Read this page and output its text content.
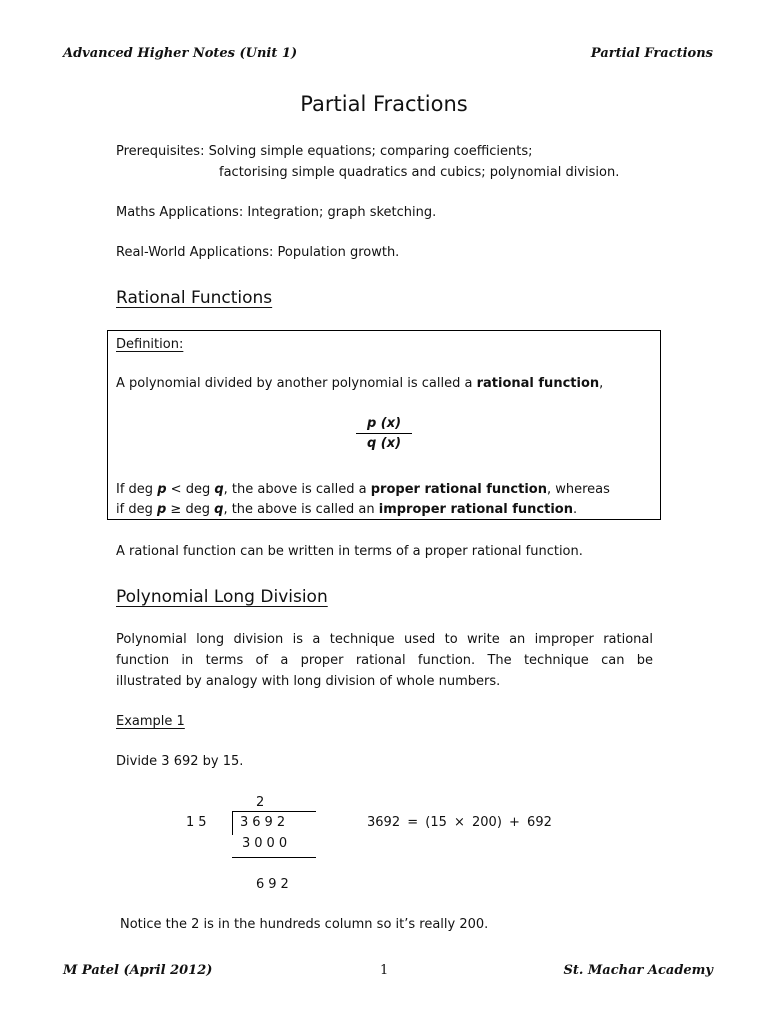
Advanced Higher Notes (Unit 1)	Partial Fractions
Partial Fractions
Prerequisites: Solving simple equations; comparing coefficients;
factorising simple quadratics and cubics; polynomial division.
Maths Applications: Integration; graph sketching.
Real-World Applications: Population growth.
Rational Functions
Definition:
A polynomial divided by another polynomial is called a rational function,
p (x)
q (x)
If deg p < deg q, the above is called a proper rational function, whereas
if deg p ≥ deg q, the above is called an improper rational function.
A rational function can be written in terms of a proper rational function.
Polynomial Long Division
Polynomial long division is a technique used to write an improper rational
function in terms of a proper rational function. The technique can be
illustrated by analogy with long division of whole numbers.
Example 1
Divide 3 692 by 15.
2
15 3692
3000
692
3692 = (15 × 200) + 692
Notice the 2 is in the hundreds column so it’s really 200.
M Patel (April 2012)	1	St. Machar Academy
